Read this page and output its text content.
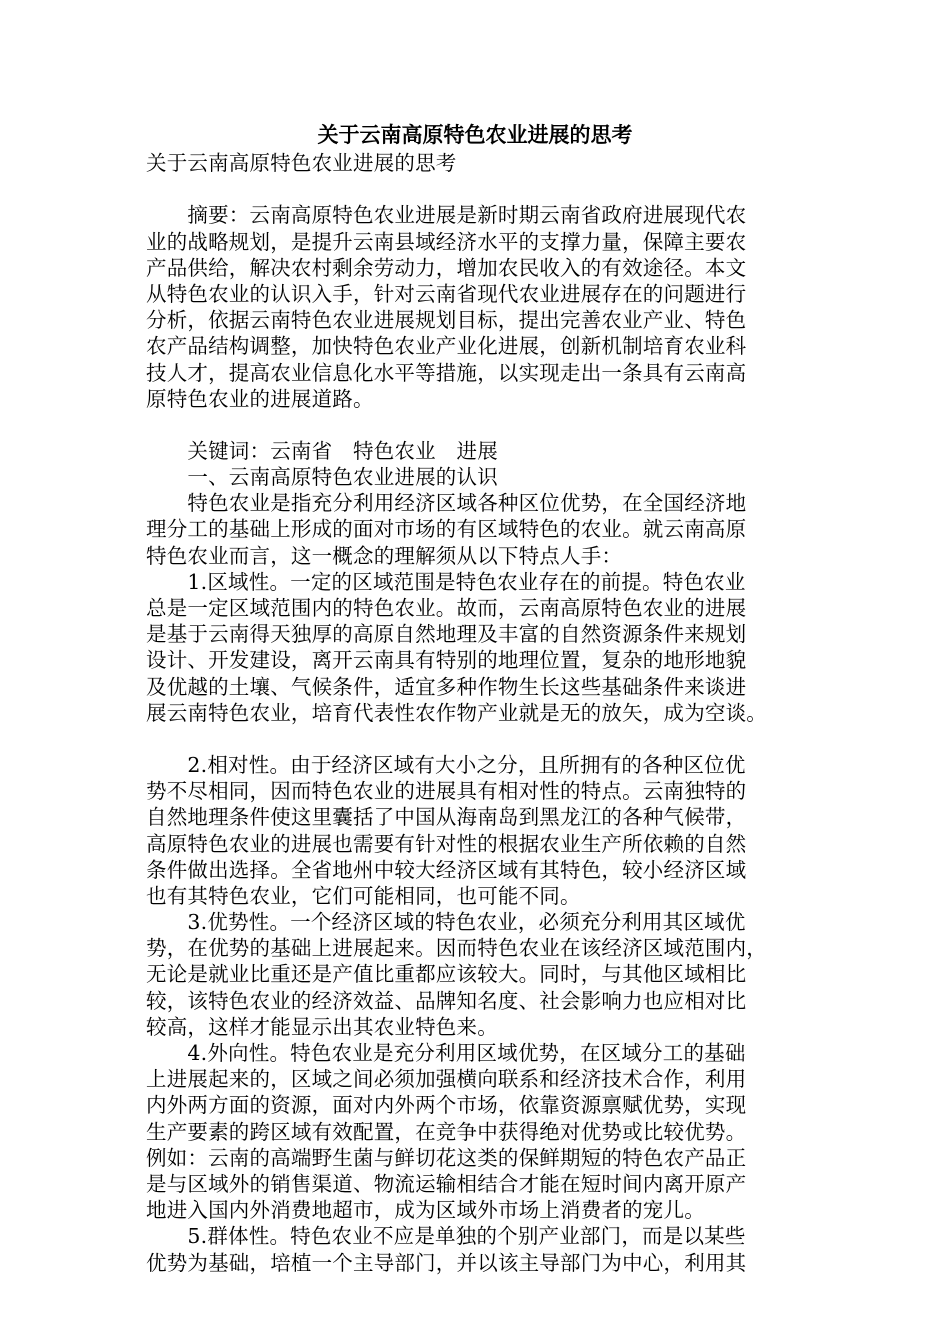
关于云南高原特色农业进展的思考
关于云南高原特色农业进展的思考
　　摘要：云南高原特色农业进展是新时期云南省政府进展现代农
业的战略规划，是提升云南县域经济水平的支撑力量，保障主要农
产品供给，解决农村剩余劳动力，增加农民收入的有效途径。本文
从特色农业的认识入手，针对云南省现代农业进展存在的问题进行
分析，依据云南特色农业进展规划目标，提出完善农业产业、特色
农产品结构调整，加快特色农业产业化进展，创新机制培育农业科
技人才，提高农业信息化水平等措施，以实现走出一条具有云南高
原特色农业的进展道路。
　　关键词：云南省　特色农业　进展
　　一、云南高原特色农业进展的认识
　　特色农业是指充分利用经济区域各种区位优势，在全国经济地
理分工的基础上形成的面对市场的有区域特色的农业。就云南高原
特色农业而言，这一概念的理解须从以下特点人手：
　　1.区域性。一定的区域范围是特色农业存在的前提。特色农业
总是一定区域范围内的特色农业。故而，云南高原特色农业的进展
是基于云南得天独厚的高原自然地理及丰富的自然资源条件来规划
设计、开发建设，离开云南具有特别的地理位置，复杂的地形地貌
及优越的土壤、气候条件，适宜多种作物生长这些基础条件来谈进
展云南特色农业，培育代表性农作物产业就是无的放矢，成为空谈。
　　2.相对性。由于经济区域有大小之分，且所拥有的各种区位优
势不尽相同，因而特色农业的进展具有相对性的特点。云南独特的
自然地理条件使这里囊括了中国从海南岛到黑龙江的各种气候带，
高原特色农业的进展也需要有针对性的根据农业生产所依赖的自然
条件做出选择。全省地州中较大经济区域有其特色，较小经济区域
也有其特色农业，它们可能相同，也可能不同。
　　3.优势性。一个经济区域的特色农业，必须充分利用其区域优
势，在优势的基础上进展起来。因而特色农业在该经济区域范围内，
无论是就业比重还是产值比重都应该较大。同时，与其他区域相比
较，该特色农业的经济效益、品牌知名度、社会影响力也应相对比
较高，这样才能显示出其农业特色来。
　　4.外向性。特色农业是充分利用区域优势，在区域分工的基础
上进展起来的，区域之间必须加强横向联系和经济技术合作，利用
内外两方面的资源，面对内外两个市场，依靠资源禀赋优势，实现
生产要素的跨区域有效配置，在竞争中获得绝对优势或比较优势。
例如：云南的高端野生菌与鲜切花这类的保鲜期短的特色农产品正
是与区域外的销售渠道、物流运输相结合才能在短时间内离开原产
地进入国内外消费地超市，成为区域外市场上消费者的宠儿。
　　5.群体性。特色农业不应是单独的个别产业部门，而是以某些
优势为基础，培植一个主导部门，并以该主导部门为中心，利用其
